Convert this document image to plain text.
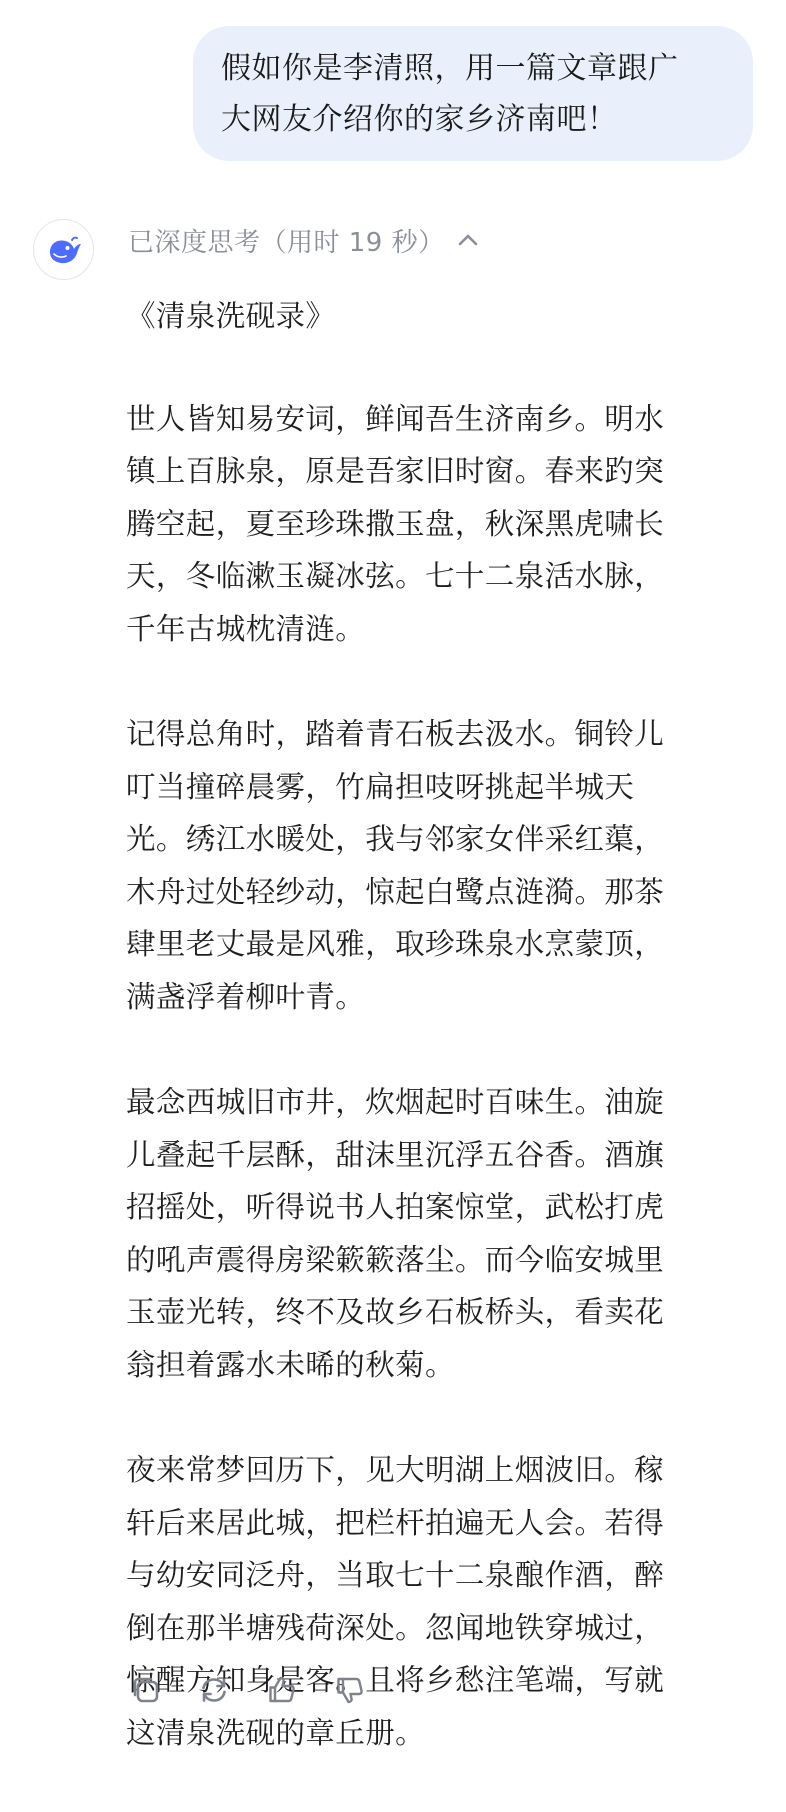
假如你是李清照，用一篇文章跟广
大网友介绍你的家乡济南吧！
已深度思考（用时 19 秒）

《清泉洗砚录》

世人皆知易安词，鲜闻吾生济南乡。明水
镇上百脉泉，原是吾家旧时窗。春来趵突
腾空起，夏至珍珠撒玉盘，秋深黑虎啸长
天，冬临漱玉凝冰弦。七十二泉活水脉，
千年古城枕清涟。

记得总角时，踏着青石板去汲水。铜铃儿
叮当撞碎晨雾，竹扁担吱呀挑起半城天
光。绣江水暖处，我与邻家女伴采红蕖，
木舟过处轻纱动，惊起白鹭点涟漪。那茶
肆里老丈最是风雅，取珍珠泉水烹蒙顶，
满盏浮着柳叶青。

最念西城旧市井，炊烟起时百味生。油旋
儿叠起千层酥，甜沫里沉浮五谷香。酒旗
招摇处，听得说书人拍案惊堂，武松打虎
的吼声震得房梁簌簌落尘。而今临安城里
玉壶光转，终不及故乡石板桥头，看卖花
翁担着露水未晞的秋菊。

夜来常梦回历下，见大明湖上烟波旧。稼
轩后来居此城，把栏杆拍遍无人会。若得
与幼安同泛舟，当取七十二泉酿作酒，醉
倒在那半塘残荷深处。忽闻地铁穿城过，
惊醒方知身是客。且将乡愁注笔端，写就
这清泉洗砚的章丘册。
